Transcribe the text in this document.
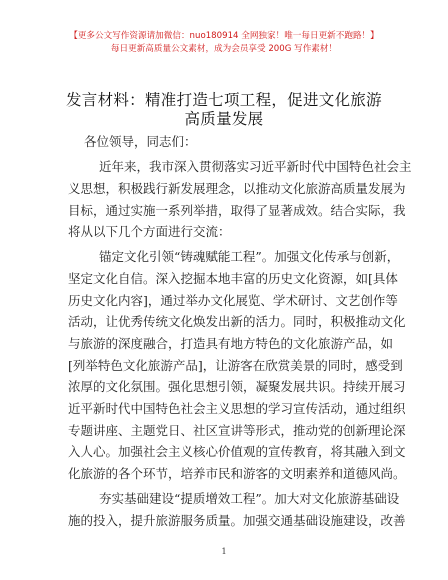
【更多公文写作资源请加微信：nuo180914 全网独家！唯一每日更新不跑路！】
每日更新高质量公文素材，成为会员享受 200G 写作素材！
发言材料：精准打造七项工程，促进文化旅游
高质量发展
各位领导，同志们：
近年来，我市深入贯彻落实习近平新时代中国特色社会主
义思想，积极践行新发展理念，以推动文化旅游高质量发展为
目标，通过实施一系列举措，取得了显著成效。结合实际，我
将从以下几个方面进行交流：
锚定文化引领“铸魂赋能工程”。加强文化传承与创新，
坚定文化自信。深入挖掘本地丰富的历史文化资源，如[具体
历史文化内容]，通过举办文化展览、学术研讨、文艺创作等
活动，让优秀传统文化焕发出新的活力。同时，积极推动文化
与旅游的深度融合，打造具有地方特色的文化旅游产品，如
[列举特色文化旅游产品]，让游客在欣赏美景的同时，感受到
浓厚的文化氛围。强化思想引领，凝聚发展共识。持续开展习
近平新时代中国特色社会主义思想的学习宣传活动，通过组织
专题讲座、主题党日、社区宣讲等形式，推动党的创新理论深
入人心。加强社会主义核心价值观的宣传教育，将其融入到文
化旅游的各个环节，培养市民和游客的文明素养和道德风尚。
夯实基础建设“提质增效工程”。加大对文化旅游基础设
施的投入，提升旅游服务质量。加强交通基础设施建设，改善
1
